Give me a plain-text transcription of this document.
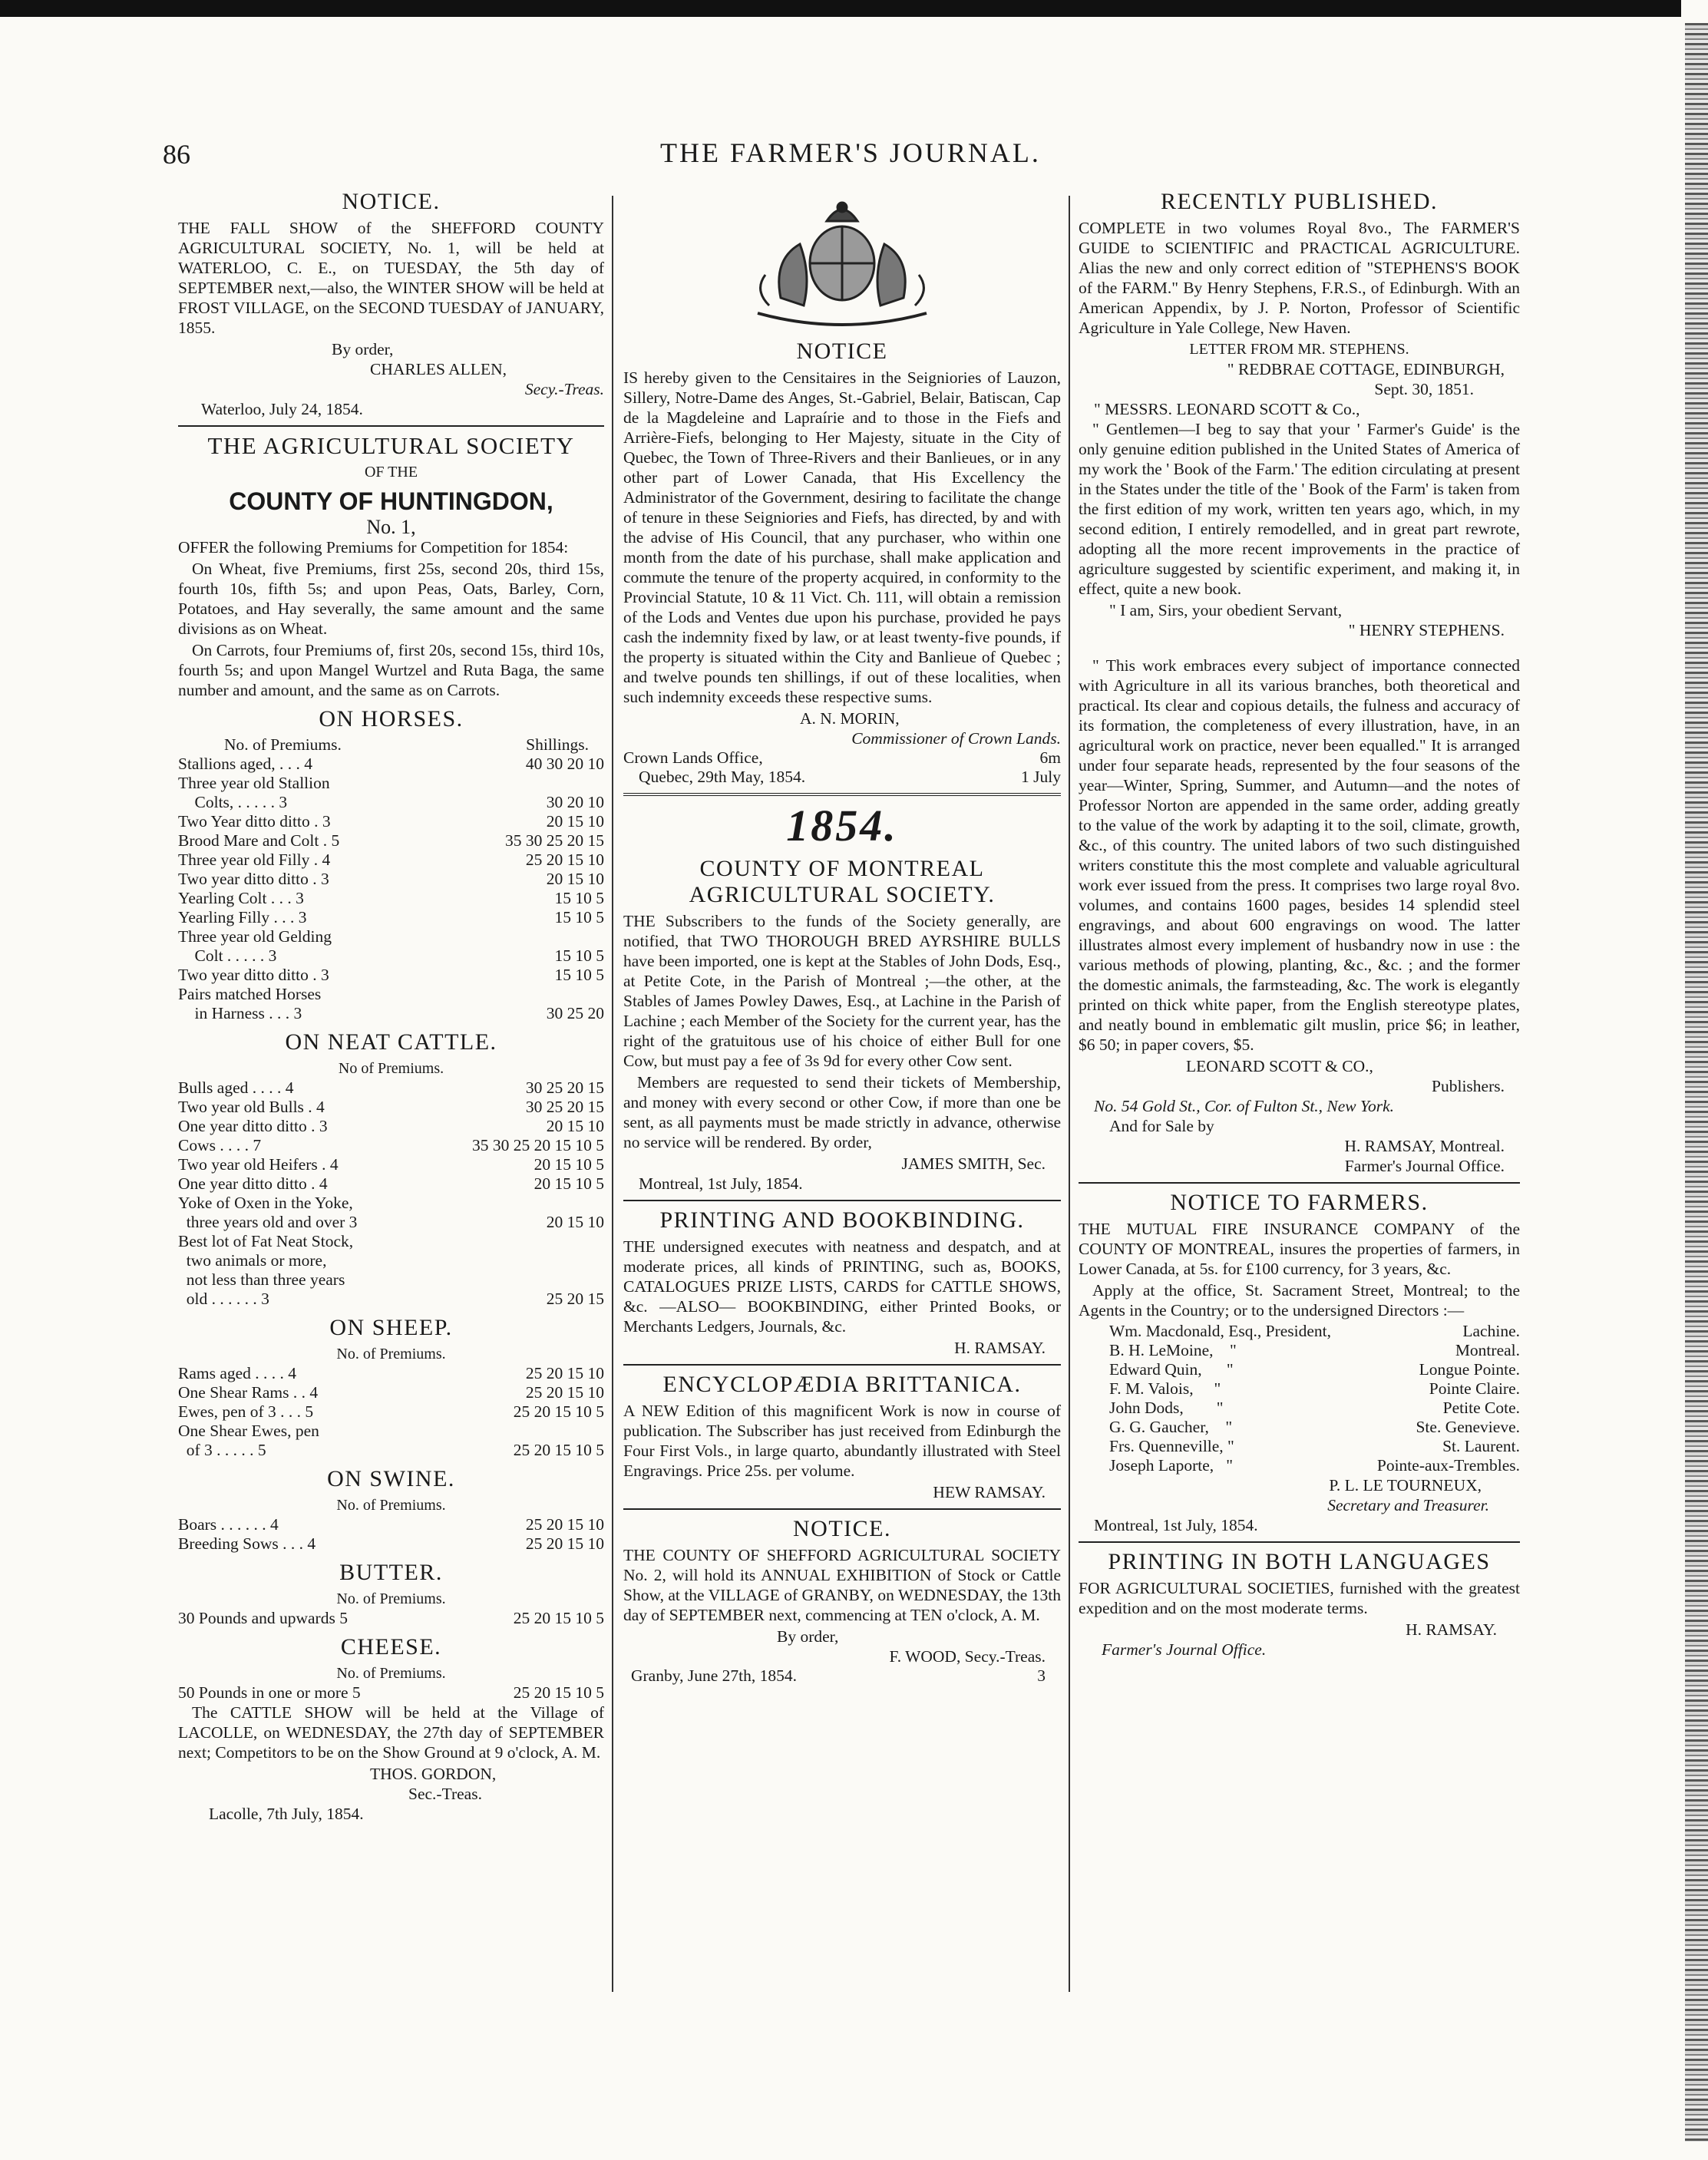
86	THE FARMER'S JOURNAL.
NOTICE.

THE FALL SHOW of the SHEFFORD COUNTY AGRICULTURAL SOCIETY, No. 1, will be held at WATERLOO, C. E., on TUESDAY, the 5th day of SEPTEMBER next,—also, the WINTER SHOW will be held at FROST VILLAGE, on the SECOND TUESDAY of JANUARY, 1855.

By order,
CHARLES ALLEN,
Secy.-Treas.
Waterloo, July 24, 1854.
THE AGRICULTURAL SOCIETY
OF THE
COUNTY OF HUNTINGDON,
No. 1,

OFFER the following Premiums for Competition for 1854:

On Wheat, five Premiums, first 25s, second 20s, third 15s, fourth 10s, fifth 5s; and upon Peas, Oats, Barley, Corn, Potatoes, and Hay severally, the same amount and the same divisions as on Wheat.

On Carrots, four Premiums of, first 20s, second 15s, third 10s, fourth 5s; and upon Mangel Wurtzel and Ruta Baga, the same number and amount, and the same as on Carrots.

ON HORSES.
No. of Premiums.	Shillings.
Stallions aged, . . . 4	40 30 20 10
Three year old Stallion
Colts, . . . . . 3	30 20 10
Two Year ditto ditto . 3	20 15 10
Brood Mare and Colt . 5	35 30 25 20 15
Three year old Filly . 4	25 20 15 10
Two year ditto ditto . 3	20 15 10
Yearling Colt . . . 3	15 10 5
Yearling Filly . . . 3	15 10 5
Three year old Gelding
Colt . . . . . 3	15 10 5
Two year ditto ditto . 3	15 10 5
Pairs matched Horses
in Harness . . . 3	30 25 20
ON NEAT CATTLE.
No of Premiums.
Bulls aged . . . . 4	30 25 20 15
Two year old Bulls . 4	30 25 20 15
One year ditto ditto . 3	20 15 10
Cows . . . . 7	35 30 25 20 15 10 5
Two year old Heifers . 4	20 15 10 5
One year ditto ditto . 4	20 15 10 5
Yoke of Oxen in the Yoke,
three years old and over 3	20 15 10
Best lot of Fat Neat Stock,
two animals or more,
not less than three years
old . . . . . . 3	25 20 15
ON SHEEP.
No. of Premiums.
Rams aged . . . . 4	25 20 15 10
One Shear Rams . . 4	25 20 15 10
Ewes, pen of 3 . . . 5	25 20 15 10 5
One Shear Ewes, pen
of 3 . . . . . 5	25 20 15 10 5
ON SWINE.
No. of Premiums.
Boars . . . . . . 4	25 20 15 10
Breeding Sows . . . 4	25 20 15 10
BUTTER.
No. of Premiums.
30 Pounds and upwards 5	25 20 15 10 5
CHEESE.
No. of Premiums.
50 Pounds in one or more 5	25 20 15 10 5

The CATTLE SHOW will be held at the Village of LACOLLE, on WEDNESDAY, the 27th day of SEPTEMBER next; Competitors to be on the Show Ground at 9 o'clock, A. M.

THOS. GORDON,
Sec.-Treas.
Lacolle, 7th July, 1854.
NOTICE

IS hereby given to the Censitaires in the Seigniories of Lauzon, Sillery, Notre-Dame des Anges, St.-Gabriel, Belair, Batiscan, Cap de la Magdeleine and Lapraírie and to those in the Fiefs and Arrière-Fiefs, belonging to Her Majesty, situate in the City of Quebec, the Town of Three-Rivers and their Banlieues, or in any other part of Lower Canada, that His Excellency the Administrator of the Government, desiring to facilitate the change of tenure in these Seigniories and Fiefs, has directed, by and with the advise of His Council, that any purchaser, who within one month from the date of his purchase, shall make application and commute the tenure of the property acquired, in conformity to the Provincial Statute, 10 & 11 Vict. Ch. 111, will obtain a remission of the Lods and Ventes due upon his purchase, provided he pays cash the indemnity fixed by law, or at least twenty-five pounds, if the property is situated within the City and Banlieue of Quebec ; and twelve pounds ten shillings, if out of these localities, when such indemnity exceeds these respective sums.

A. N. MORIN,
Commissioner of Crown Lands.
Crown Lands Office,	6m
Quebec, 29th May, 1854.	1 July
1854.
COUNTY OF MONTREAL AGRICULTURAL SOCIETY.

THE Subscribers to the funds of the Society generally, are notified, that TWO THOROUGH BRED AYRSHIRE BULLS have been imported, one is kept at the Stables of John Dods, Esq., at Petite Cote, in the Parish of Montreal ;—the other, at the Stables of James Powley Dawes, Esq., at Lachine in the Parish of Lachine ; each Member of the Society for the current year, has the right of the gratuitous use of his choice of either Bull for one Cow, but must pay a fee of 3s 9d for every other Cow sent.

Members are requested to send their tickets of Membership, and money with every second or other Cow, if more than one be sent, as all payments must be made strictly in advance, otherwise no service will be rendered. By order,

JAMES SMITH, Sec.
Montreal, 1st July, 1854.
PRINTING AND BOOKBINDING.

THE undersigned executes with neatness and despatch, and at moderate prices, all kinds of PRINTING, such as, BOOKS, CATALOGUES PRIZE LISTS, CARDS for CATTLE SHOWS, &c. —ALSO— BOOKBINDING, either Printed Books, or Merchants Ledgers, Journals, &c.

H. RAMSAY.
ENCYCLOPÆDIA BRITTANICA.

A NEW Edition of this magnificent Work is now in course of publication. The Subscriber has just received from Edinburgh the Four First Vols., in large quarto, abundantly illustrated with Steel Engravings. Price 25s. per volume.

HEW RAMSAY.
NOTICE.

THE COUNTY OF SHEFFORD AGRICULTURAL SOCIETY No. 2, will hold its ANNUAL EXHIBITION of Stock or Cattle Show, at the VILLAGE of GRANBY, on WEDNESDAY, the 13th day of SEPTEMBER next, commencing at TEN o'clock, A. M.

By order,
F. WOOD, Secy.-Treas.
Granby, June 27th, 1854.	3
RECENTLY PUBLISHED.

COMPLETE in two volumes Royal 8vo., The FARMER'S GUIDE to SCIENTIFIC and PRACTICAL AGRICULTURE. Alias the new and only correct edition of "STEPHENS'S BOOK of the FARM." By Henry Stephens, F.R.S., of Edinburgh. With an American Appendix, by J. P. Norton, Professor of Scientific Agriculture in Yale College, New Haven.

LETTER FROM MR. STEPHENS.
" REDBRAE COTTAGE, EDINBURGH,
Sept. 30, 1851.
" MESSRS. LEONARD SCOTT & Co.,

" Gentlemen—I beg to say that your ' Farmer's Guide' is the only genuine edition published in the United States of America of my work the ' Book of the Farm.' The edition circulating at present in the States under the title of the ' Book of the Farm' is taken from the first edition of my work, written ten years ago, which, in my second edition, I entirely remodelled, and in great part rewrote, adopting all the more recent improvements in the practice of agriculture suggested by scientific experiment, and making it, in effect, quite a new book.

" I am, Sirs, your obedient Servant,
" HENRY STEPHENS.

" This work embraces every subject of importance connected with Agriculture in all its various branches, both theoretical and practical. Its clear and copious details, the fulness and accuracy of its formation, the completeness of every illustration, have, in an agricultural work on practice, never been equalled." It is arranged under four separate heads, represented by the four seasons of the year—Winter, Spring, Summer, and Autumn—and the notes of Professor Norton are appended in the same order, adding greatly to the value of the work by adapting it to the soil, climate, growth, &c., of this country. The united labors of two such distinguished writers constitute this the most complete and valuable agricultural work ever issued from the press. It comprises two large royal 8vo. volumes, and contains 1600 pages, besides 14 splendid steel engravings, and about 600 engravings on wood. The latter illustrates almost every implement of husbandry now in use : the various methods of plowing, planting, &c., &c. ; and the former the domestic animals, the farmsteading, &c. The work is elegantly printed on thick white paper, from the English stereotype plates, and neatly bound in emblematic gilt muslin, price $6; in leather, $6 50; in paper covers, $5.

LEONARD SCOTT & CO.,
Publishers.
No. 54 Gold St., Cor. of Fulton St., New York.
And for Sale by
H. RAMSAY, Montreal.
Farmer's Journal Office.
NOTICE TO FARMERS.

THE MUTUAL FIRE INSURANCE COMPANY of the COUNTY OF MONTREAL, insures the properties of farmers, in Lower Canada, at 5s. for £100 currency, for 3 years, &c.

Apply at the office, St. Sacrament Street, Montreal; to the Agents in the Country; or to the undersigned Directors :—

Wm. Macdonald, Esq., President,	Lachine.
B. H. LeMoine,    "	Montreal.
Edward Quin,      "	Longue Pointe.
F. M. Valois,     "	Pointe Claire.
John Dods,        "	Petite Cote.
G. G. Gaucher,    "	Ste. Genevieve.
Frs. Quenneville, "	St. Laurent.
Joseph Laporte,   "	Pointe-aux-Trembles.
P. L. LE TOURNEUX,
Secretary and Treasurer.
Montreal, 1st July, 1854.
PRINTING IN BOTH LANGUAGES

FOR AGRICULTURAL SOCIETIES, furnished with the greatest expedition and on the most moderate terms.

H. RAMSAY.
Farmer's Journal Office.
